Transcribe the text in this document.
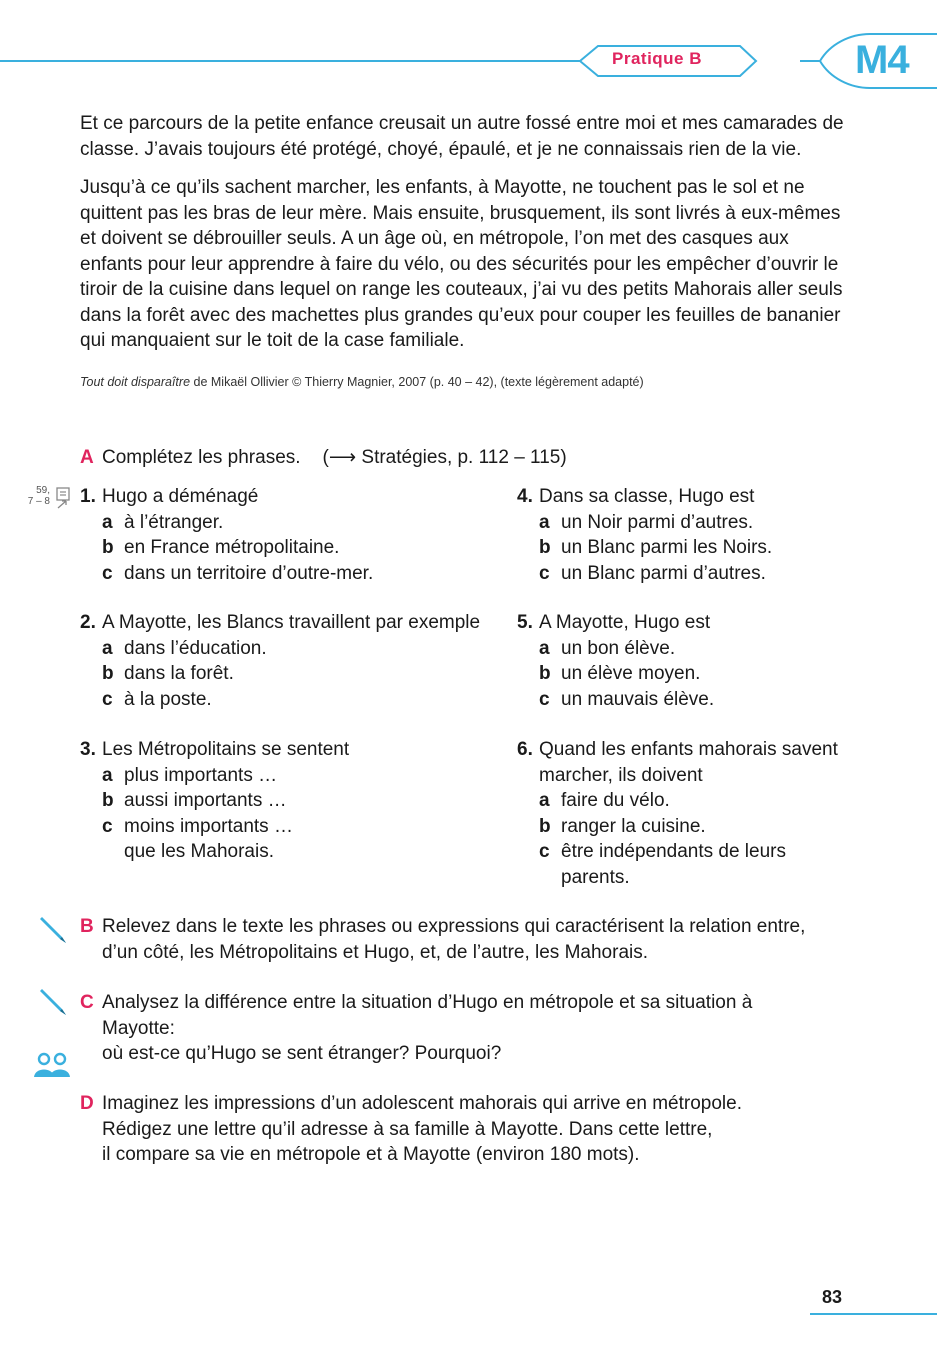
Pratique B	M4

Et ce parcours de la petite enfance creusait un autre fossé entre moi et mes camarades de classe. J’avais toujours été protégé, choyé, épaulé, et je ne connaissais rien de la vie.

Jusqu’à ce qu’ils sachent marcher, les enfants, à Mayotte, ne touchent pas le sol et ne quittent pas les bras de leur mère. Mais ensuite, brusquement, ils sont livrés à eux-mêmes et doivent se débrouiller seuls. A un âge où, en métropole, l’on met des casques aux enfants pour leur apprendre à faire du vélo, ou des sécurités pour les empêcher d’ouvrir le tiroir de la cuisine dans lequel on range les couteaux, j’ai vu des petits Mahorais aller seuls dans la forêt avec des machettes plus grandes qu’eux pour couper les feuilles de bananier qui manquaient sur le toit de la case familiale.

Tout doit disparaître de Mikaël Ollivier © Thierry Magnier, 2007 (p. 40 – 42), (texte légèrement adapté)
A Complétez les phrases. (⟶ Stratégies, p. 112 – 115)
59,
7 – 8 1. Hugo a déménagé
a à l’étranger.
b en France métropolitaine.
c dans un territoire d’outre-mer.
2. A Mayotte, les Blancs travaillent par exemple
a dans l’éducation.
b dans la forêt.
c à la poste.
3. Les Métropolitains se sentent
a plus importants …
b aussi importants …
c moins importants …
que les Mahorais.
4. Dans sa classe, Hugo est
a un Noir parmi d’autres.
b un Blanc parmi les Noirs.
c un Blanc parmi d’autres.
5. A Mayotte, Hugo est
a un bon élève.
b un élève moyen.
c un mauvais élève.
6. Quand les enfants mahorais savent
marcher, ils doivent
a faire du vélo.
b ranger la cuisine.
c être indépendants de leurs
parents.
B Relevez dans le texte les phrases ou expressions qui caractérisent la relation entre, d’un côté, les Métropolitains et Hugo, et, de l’autre, les Mahorais.
C Analysez la différence entre la situation d’Hugo en métropole et sa situation à
Mayotte:
où est-ce qu’Hugo se sent étranger? Pourquoi?
D Imaginez les impressions d’un adolescent mahorais qui arrive en métropole.
Rédigez une lettre qu’il adresse à sa famille à Mayotte. Dans cette lettre,
il compare sa vie en métropole et à Mayotte (environ 180 mots).
83
